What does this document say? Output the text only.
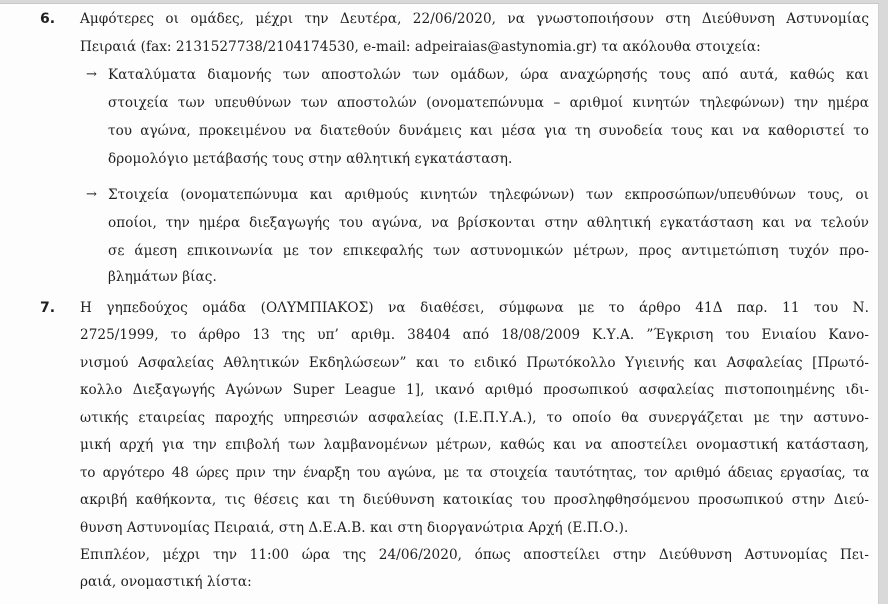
6. Αμφότερες οι ομάδες, μέχρι την Δευτέρα, 22/06/2020, να γνωστοποιήσουν στη Διεύθυνση Αστυνομίας
Πειραιά (fax: 2131527738/2104174530, e-mail: adpeiraias@astynomia.gr) τα ακόλουθα στοιχεία:
→ Καταλύματα διαμονής των αποστολών των ομάδων, ώρα αναχώρησής τους από αυτά, καθώς και
στοιχεία των υπευθύνων των αποστολών (ονοματεπώνυμα – αριθμοί κινητών τηλεφώνων) την ημέρα
του αγώνα, προκειμένου να διατεθούν δυνάμεις και μέσα για τη συνοδεία τους και να καθοριστεί το
δρομολόγιο μετάβασής τους στην αθλητική εγκατάσταση.
→ Στοιχεία (ονοματεπώνυμα και αριθμούς κινητών τηλεφώνων) των εκπροσώπων/υπευθύνων τους, οι
οποίοι, την ημέρα διεξαγωγής του αγώνα, να βρίσκονται στην αθλητική εγκατάσταση και να τελούν
σε άμεση επικοινωνία με τον επικεφαλής των αστυνομικών μέτρων, προς αντιμετώπιση τυχόν προ-
βλημάτων βίας.
7. Η γηπεδούχος ομάδα (ΟΛΥΜΠΙΑΚΟΣ) να διαθέσει, σύμφωνα με το άρθρο 41Δ παρ. 11 του Ν.
2725/1999, το άρθρο 13 της υπ’ αριθμ. 38404 από 18/08/2009 Κ.Υ.Α. ”Έγκριση του Ενιαίου Κανο-
νισμού Ασφαλείας Αθλητικών Εκδηλώσεων” και το ειδικό Πρωτόκολλο Υγιεινής και Ασφαλείας [Πρωτό-
κολλο Διεξαγωγής Αγώνων Super League 1], ικανό αριθμό προσωπικού ασφαλείας πιστοποιημένης ιδι-
ωτικής εταιρείας παροχής υπηρεσιών ασφαλείας (Ι.Ε.Π.Υ.Α.), το οποίο θα συνεργάζεται με την αστυνο-
μική αρχή για την επιβολή των λαμβανομένων μέτρων, καθώς και να αποστείλει ονομαστική κατάσταση,
το αργότερο 48 ώρες πριν την έναρξη του αγώνα, με τα στοιχεία ταυτότητας, τον αριθμό άδειας εργασίας, τα
ακριβή καθήκοντα, τις θέσεις και τη διεύθυνση κατοικίας του προσληφθησόμενου προσωπικού στην Διεύ-
θυνση Αστυνομίας Πειραιά, στη Δ.Ε.Α.Β. και στη διοργανώτρια Αρχή (Ε.Π.Ο.).
Επιπλέον, μέχρι την 11:00 ώρα της 24/06/2020, όπως αποστείλει στην Διεύθυνση Αστυνομίας Πει-
ραιά, ονομαστική λίστα:
